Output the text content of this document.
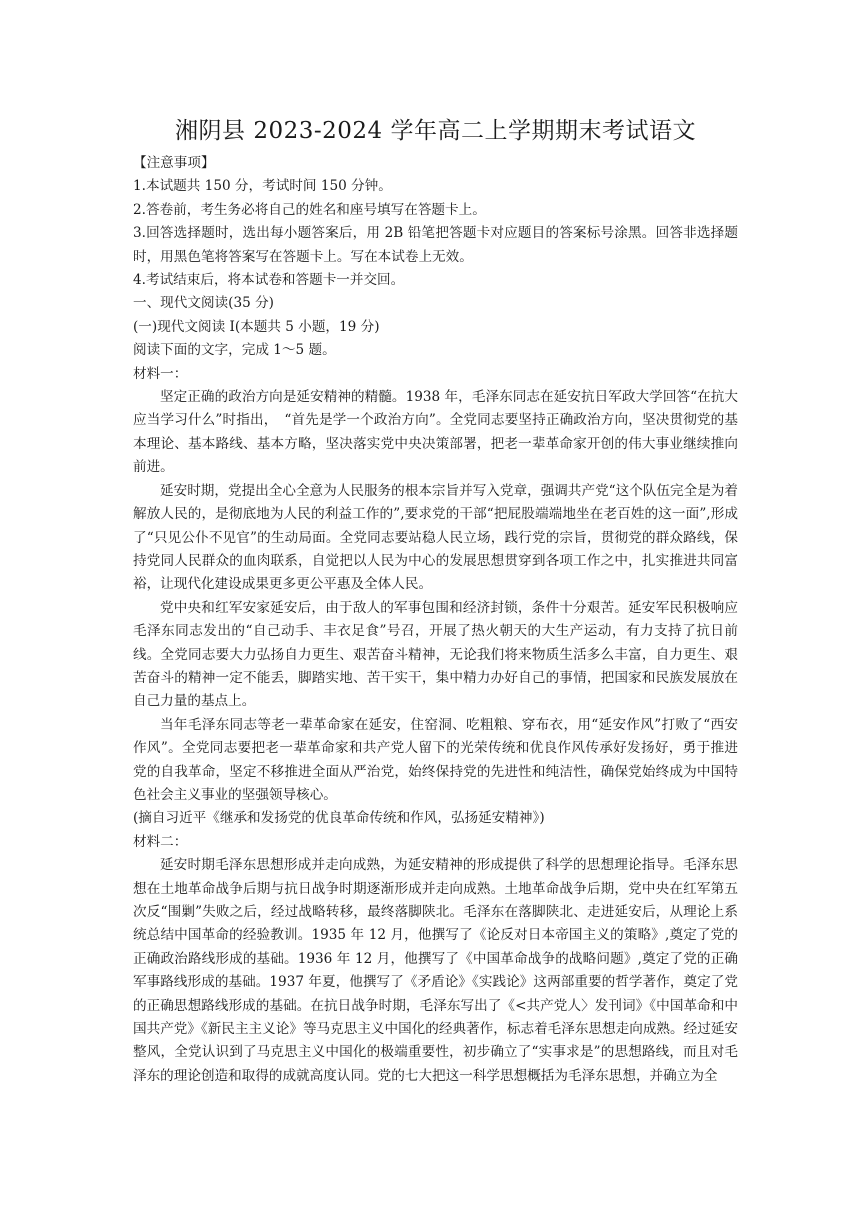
湘阴县 2023-2024 学年高二上学期期末考试语文

【注意事项】

1.本试题共 150 分，考试时间 150 分钟。

2.答卷前，考生务必将自己的姓名和座号填写在答题卡上。

3.回答选择题时，选出每小题答案后，用 2B 铅笔把答题卡对应题目的答案标号涂黑。回答非选择题时，用黑色笔将答案写在答题卡上。写在本试卷上无效。

4.考试结束后，将本试卷和答题卡一并交回。

一、现代文阅读(35 分)

(一)现代文阅读 I(本题共 5 小题，19 分)

阅读下面的文字，完成 1～5 题。

材料一：

坚定正确的政治方向是延安精神的精髓。1938 年，毛泽东同志在延安抗日军政大学回答“在抗大应当学习什么”时指出，　“首先是学一个政治方向”。全党同志要坚持正确政治方向，坚决贯彻党的基本理论、基本路线、基本方略，坚决落实党中央决策部署，把老一辈革命家开创的伟大事业继续推向前进。

延安时期，党提出全心全意为人民服务的根本宗旨并写入党章，强调共产党“这个队伍完全是为着解放人民的，是彻底地为人民的利益工作的”,要求党的干部“把屁股端端地坐在老百姓的这一面”,形成了“只见公仆不见官”的生动局面。全党同志要站稳人民立场，践行党的宗旨，贯彻党的群众路线，保持党同人民群众的血肉联系，自觉把以人民为中心的发展思想贯穿到各项工作之中，扎实推进共同富裕，让现代化建设成果更多更公平惠及全体人民。

党中央和红军安家延安后，由于敌人的军事包围和经济封锁，条件十分艰苦。延安军民积极响应毛泽东同志发出的“自己动手、丰衣足食”号召，开展了热火朝天的大生产运动，有力支持了抗日前线。全党同志要大力弘扬自力更生、艰苦奋斗精神，无论我们将来物质生活多么丰富，自力更生、艰苦奋斗的精神一定不能丢，脚踏实地、苦干实干，集中精力办好自己的事情，把国家和民族发展放在自己力量的基点上。

当年毛泽东同志等老一辈革命家在延安，住窑洞、吃粗粮、穿布衣，用“延安作风”打败了“西安作风”。全党同志要把老一辈革命家和共产党人留下的光荣传统和优良作风传承好发扬好，勇于推进党的自我革命，坚定不移推进全面从严治党，始终保持党的先进性和纯洁性，确保党始终成为中国特色社会主义事业的坚强领导核心。

(摘自习近平《继承和发扬党的优良革命传统和作风，弘扬延安精神》)

材料二：

延安时期毛泽东思想形成并走向成熟，为延安精神的形成提供了科学的思想理论指导。毛泽东思想在土地革命战争后期与抗日战争时期逐渐形成并走向成熟。土地革命战争后期，党中央在红军第五次反“围剿”失败之后，经过战略转移，最终落脚陕北。毛泽东在落脚陕北、走进延安后，从理论上系统总结中国革命的经验教训。1935 年 12 月，他撰写了《论反对日本帝国主义的策略》,奠定了党的正确政治路线形成的基础。1936 年 12 月，他撰写了《中国革命战争的战略问题》,奠定了党的正确军事路线形成的基础。1937 年夏，他撰写了《矛盾论》《实践论》这两部重要的哲学著作，奠定了党的正确思想路线形成的基础。在抗日战争时期，毛泽东写出了《<共产党人〉发刊词》《中国革命和中国共产党》《新民主主义论》等马克思主义中国化的经典著作，标志着毛泽东思想走向成熟。经过延安整风，全党认识到了马克思主义中国化的极端重要性，初步确立了“实事求是”的思想路线，而且对毛泽东的理论创造和取得的成就高度认同。党的七大把这一科学思想概括为毛泽东思想，并确立为全
